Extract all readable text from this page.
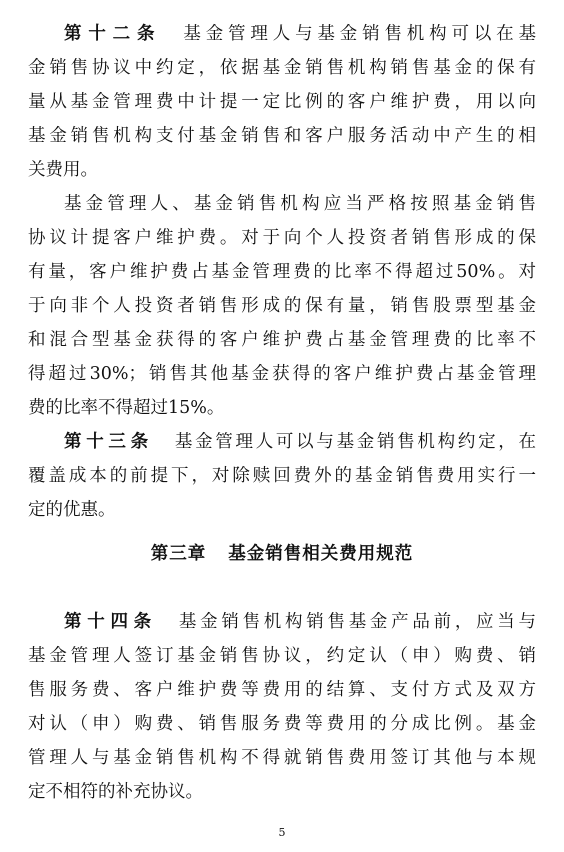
第十二条 基金管理人与基金销售机构可以在基
金销售协议中约定，依据基金销售机构销售基金的保有
量从基金管理费中计提一定比例的客户维护费，用以向
基金销售机构支付基金销售和客户服务活动中产生的相
关费用。
基金管理人、基金销售机构应当严格按照基金销售
协议计提客户维护费。对于向个人投资者销售形成的保
有量，客户维护费占基金管理费的比率不得超过50%。对
于向非个人投资者销售形成的保有量，销售股票型基金
和混合型基金获得的客户维护费占基金管理费的比率不
得超过30%；销售其他基金获得的客户维护费占基金管理
费的比率不得超过15%。
第十三条 基金管理人可以与基金销售机构约定，在
覆盖成本的前提下，对除赎回费外的基金销售费用实行一
定的优惠。
第三章 基金销售相关费用规范
第十四条 基金销售机构销售基金产品前，应当与
基金管理人签订基金销售协议，约定认（申）购费、销
售服务费、客户维护费等费用的结算、支付方式及双方
对认（申）购费、销售服务费等费用的分成比例。基金
管理人与基金销售机构不得就销售费用签订其他与本规
定不相符的补充协议。
5
